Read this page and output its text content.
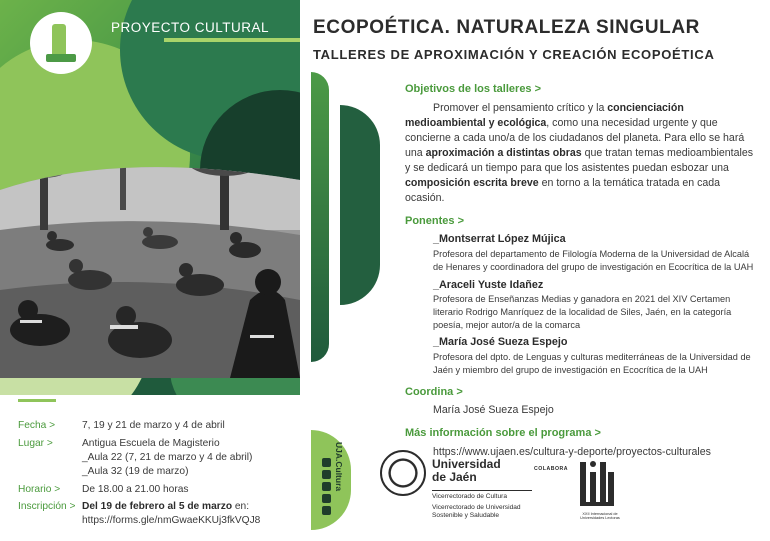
PROYECTO CULTURAL
UJA.Cultura
ECOPOÉTICA. NATURALEZA SINGULAR
TALLERES DE APROXIMACIÓN Y CREACIÓN ECOPOÉTICA
Objetivos de los talleres >

Promover el pensamiento crítico y la concienciación medioambiental y ecológica, como una necesidad urgente y que concierne a cada uno/a de los ciudadanos del planeta. Para ello se hará una aproximación a distintas obras que tratan temas medioambientales y se dedicará un tiempo para que los asistentes puedan esbozar una composición escrita breve en torno a la temática tratada en cada ocasión.

Ponentes >
_Montserrat López Mújica
Profesora del departamento de Filología Moderna de la Universidad de Alcalá de Henares y coordinadora del grupo de investigación en Ecocrítica de la UAH
_Araceli Yuste Idañez
Profesora de Enseñanzas Medias y ganadora en 2021 del XIV Certamen literario Rodrigo Manríquez de la localidad de Siles, Jaén, en la categoría poesía, mejor autor/a de la comarca
_María José Sueza Espejo
Profesora del dpto. de Lenguas y culturas mediterráneas de la Universidad de Jaén y miembro del grupo de investigación en Ecocrítica de la UAH
Coordina >
María José Sueza Espejo
Más información sobre el programa >
https://www.ujaen.es/cultura-y-deporte/proyectos-culturales
Fecha >	7, 19 y 21 de marzo y 4 de abril
Lugar >	Antigua Escuela de Magisterio
_Aula 22 (7, 21 de marzo y 4 de abril)
_Aula 32 (19 de marzo)
Horario >	De 18.00 a 21.00 horas
Inscripción > Del 19 de febrero al 5 de marzo en:
https://forms.gle/nmGwaeKKUj3fkVQJ8
Universidad
de Jaén
Vicerrectorado de Cultura
Vicerrectorado de Universidad Sostenible y Saludable
COLABORA
XXII Internacional de Universidades Lectoras
